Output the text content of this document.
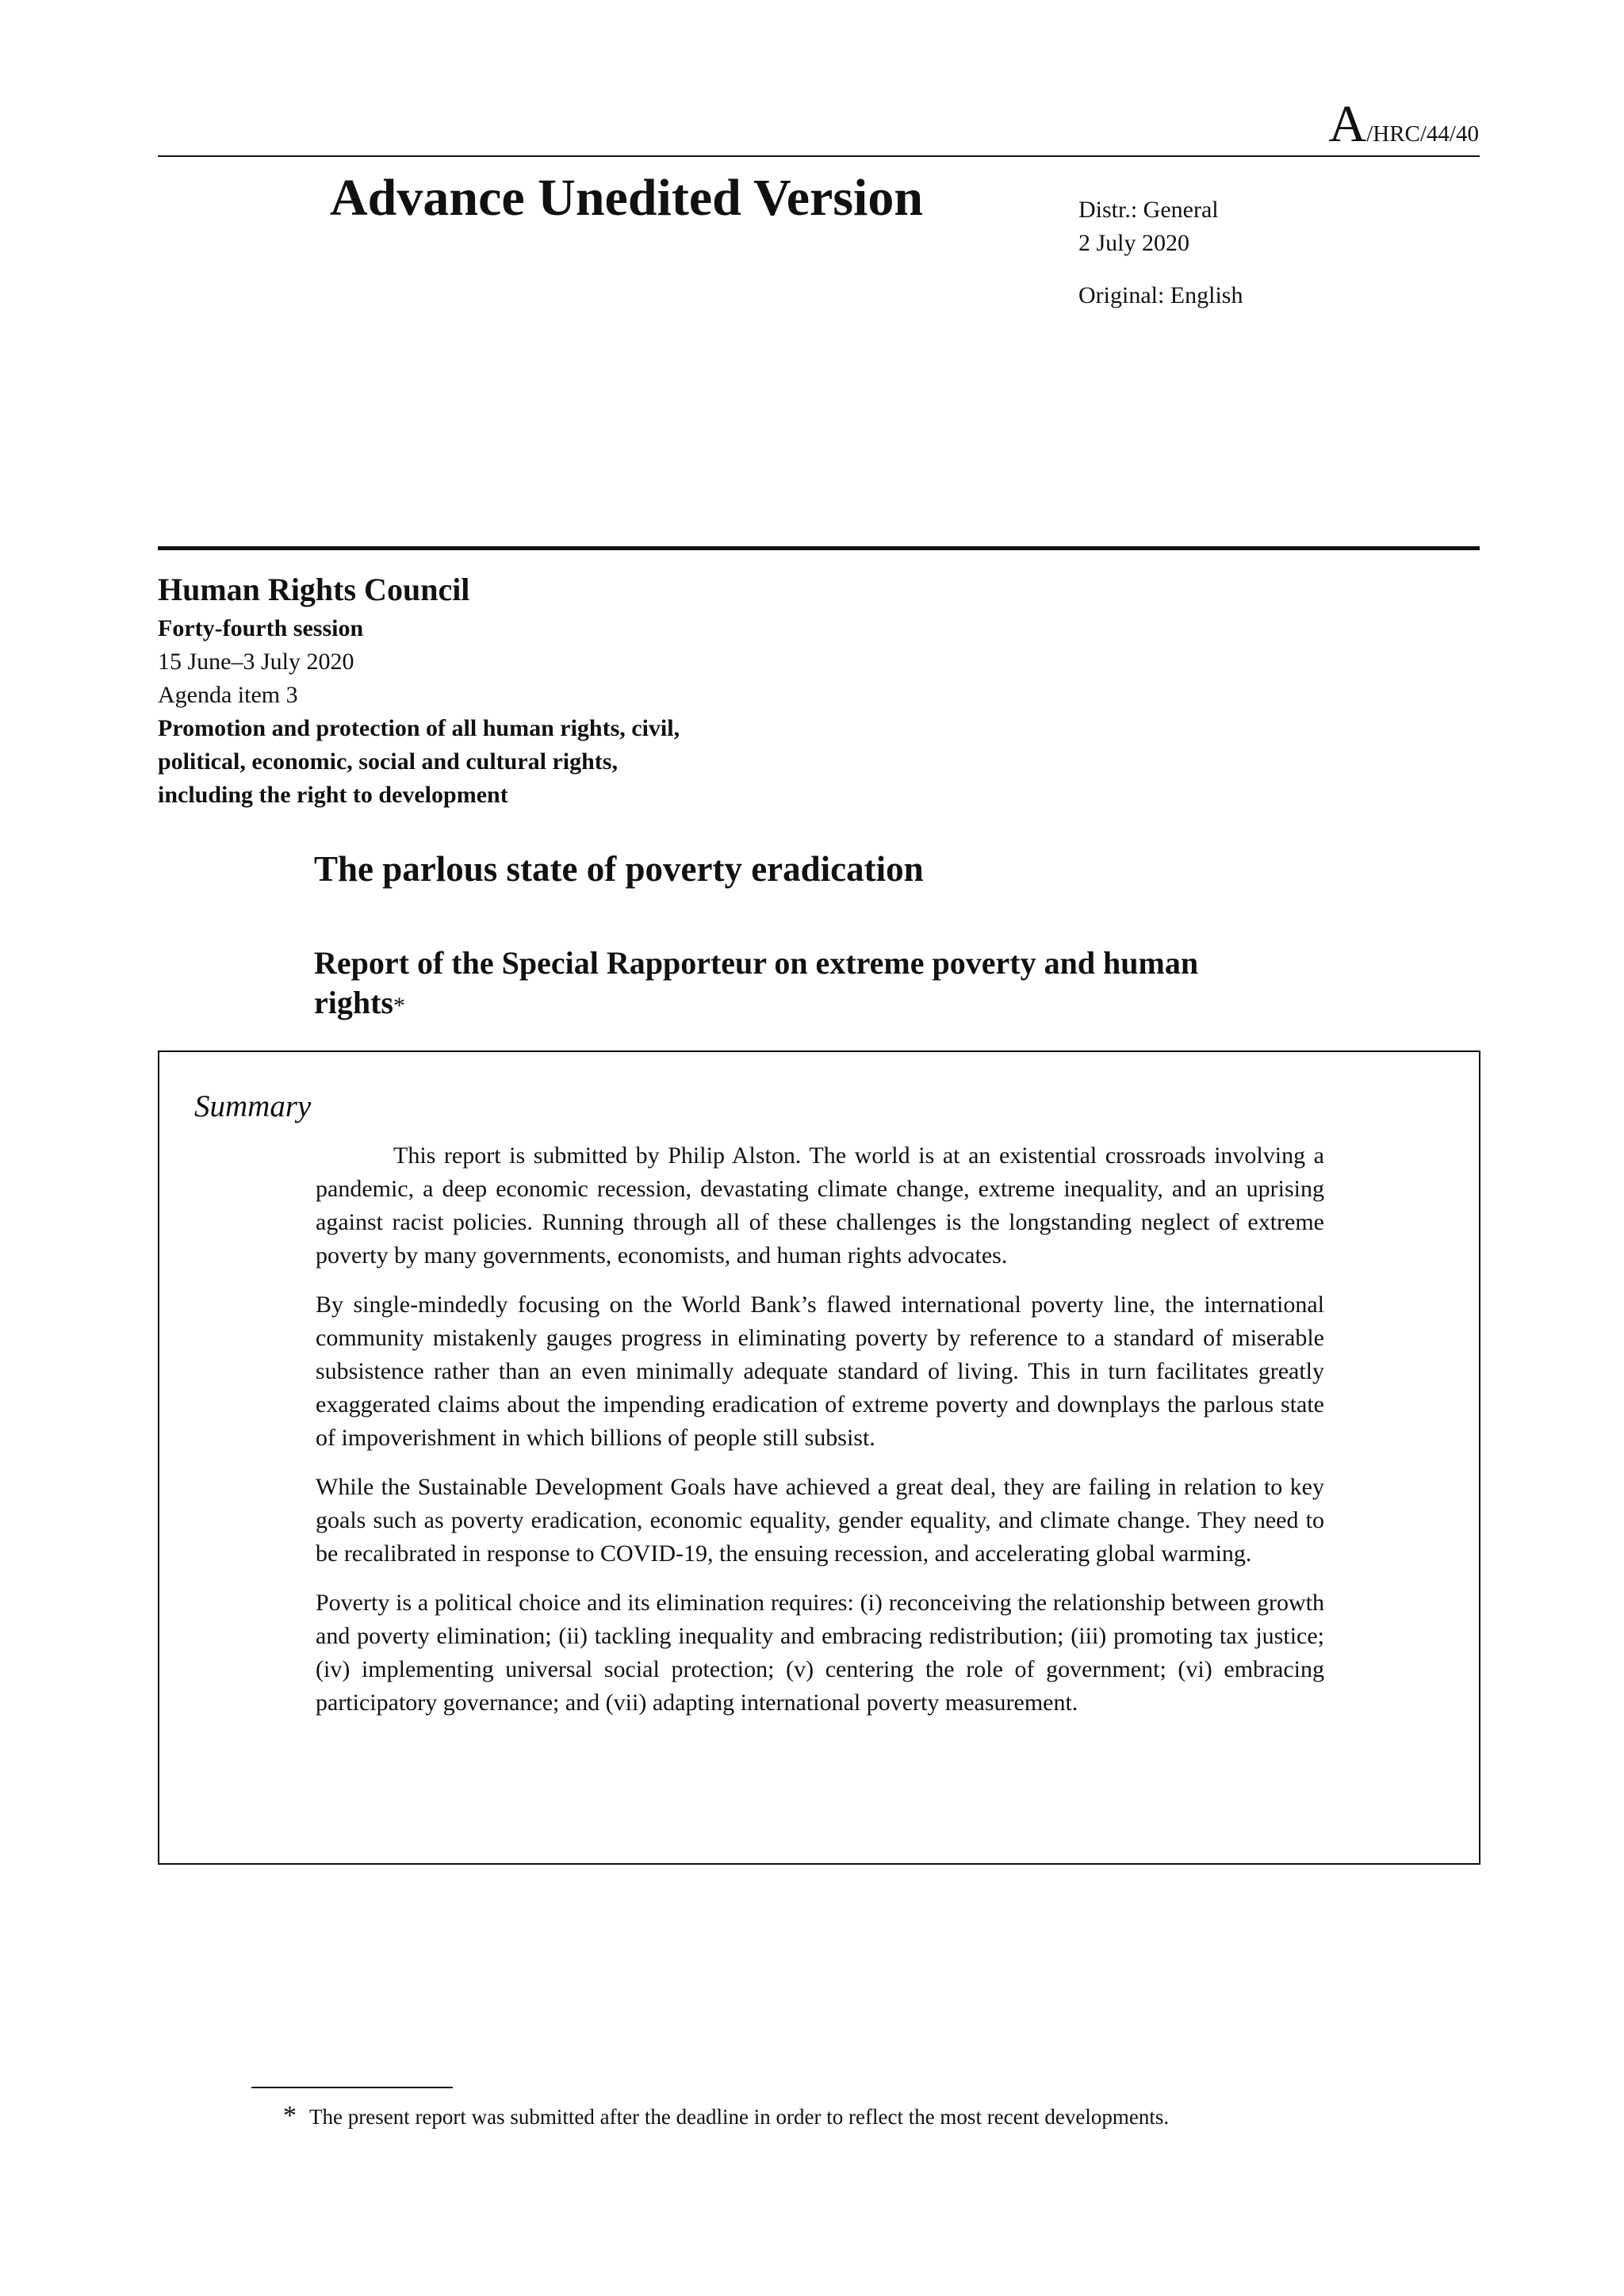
A/HRC/44/40
Advance Unedited Version	Distr.: General
2 July 2020
Original: English
Human Rights Council
Forty-fourth session
15 June–3 July 2020
Agenda item 3
Promotion and protection of all human rights, civil,
political, economic, social and cultural rights,
including the right to development
The parlous state of poverty eradication
Report of the Special Rapporteur on extreme poverty and human rights*
Summary

This report is submitted by Philip Alston. The world is at an existential crossroads involving a pandemic, a deep economic recession, devastating climate change, extreme inequality, and an uprising against racist policies. Running through all of these challenges is the longstanding neglect of extreme poverty by many governments, economists, and human rights advocates.

By single-mindedly focusing on the World Bank’s flawed international poverty line, the international community mistakenly gauges progress in eliminating poverty by reference to a standard of miserable subsistence rather than an even minimally adequate standard of living. This in turn facilitates greatly exaggerated claims about the impending eradication of extreme poverty and downplays the parlous state of impoverishment in which billions of people still subsist.

While the Sustainable Development Goals have achieved a great deal, they are failing in relation to key goals such as poverty eradication, economic equality, gender equality, and climate change. They need to be recalibrated in response to COVID-19, the ensuing recession, and accelerating global warming.

Poverty is a political choice and its elimination requires: (i) reconceiving the relationship between growth and poverty elimination; (ii) tackling inequality and embracing redistribution; (iii) promoting tax justice; (iv) implementing universal social protection; (v) centering the role of government; (vi) embracing participatory governance; and (vii) adapting international poverty measurement.

* The present report was submitted after the deadline in order to reflect the most recent developments.
